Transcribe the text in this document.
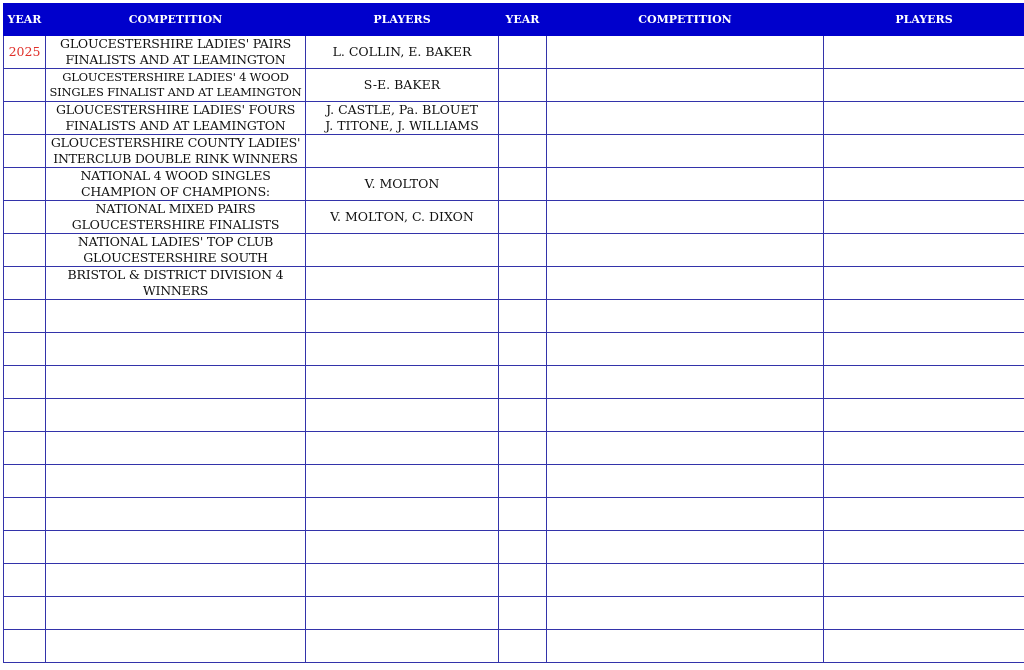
YEAR	COMPETITION	PLAYERS	YEAR	COMPETITION	PLAYERS
2025	GLOUCESTERSHIRE LADIES' PAIRS
FINALISTS AND AT LEAMINGTON	L. COLLIN, E. BAKER			

	GLOUCESTERSHIRE LADIES' 4 WOOD
SINGLES FINALIST AND AT LEAMINGTON	S-E. BAKER			

	GLOUCESTERSHIRE LADIES' FOURS
FINALISTS AND AT LEAMINGTON	J. CASTLE, Pa. BLOUET
J. TITONE, J. WILLIAMS			

	GLOUCESTERSHIRE COUNTY LADIES'
INTERCLUB DOUBLE RINK WINNERS				

	NATIONAL 4 WOOD SINGLES
CHAMPION OF CHAMPIONS:	V. MOLTON			

	NATIONAL MIXED PAIRS
GLOUCESTERSHIRE FINALISTS	V. MOLTON, C. DIXON			

	NATIONAL LADIES' TOP CLUB
GLOUCESTERSHIRE SOUTH				

	BRISTOL & DISTRICT DIVISION 4
WINNERS				
